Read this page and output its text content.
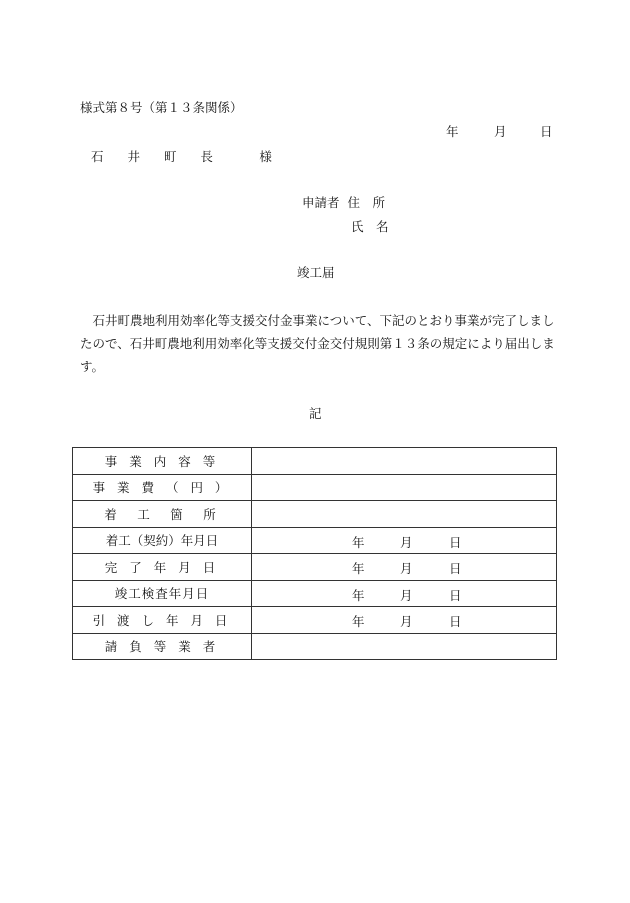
様式第８号（第１３条関係）
年	月	日
石 井 町 長　 様
申請者 住　所
氏　名
竣工届
　石井町農地利用効率化等支援交付金事業について、下記のとおり事業が完了しましたので、石井町農地利用効率化等支援交付金交付規則第１３条の規定により届出します。
記
事 業 内 容 等	
事 業 費 （ 円 ）	
着　工　箇　所	
着工（契約）年月日	年 月 日

完 了 年 月 日	年 月 日

竣工検査年月日	年 月 日

引 渡 し 年 月 日	年 月 日

請 負 等 業 者	
